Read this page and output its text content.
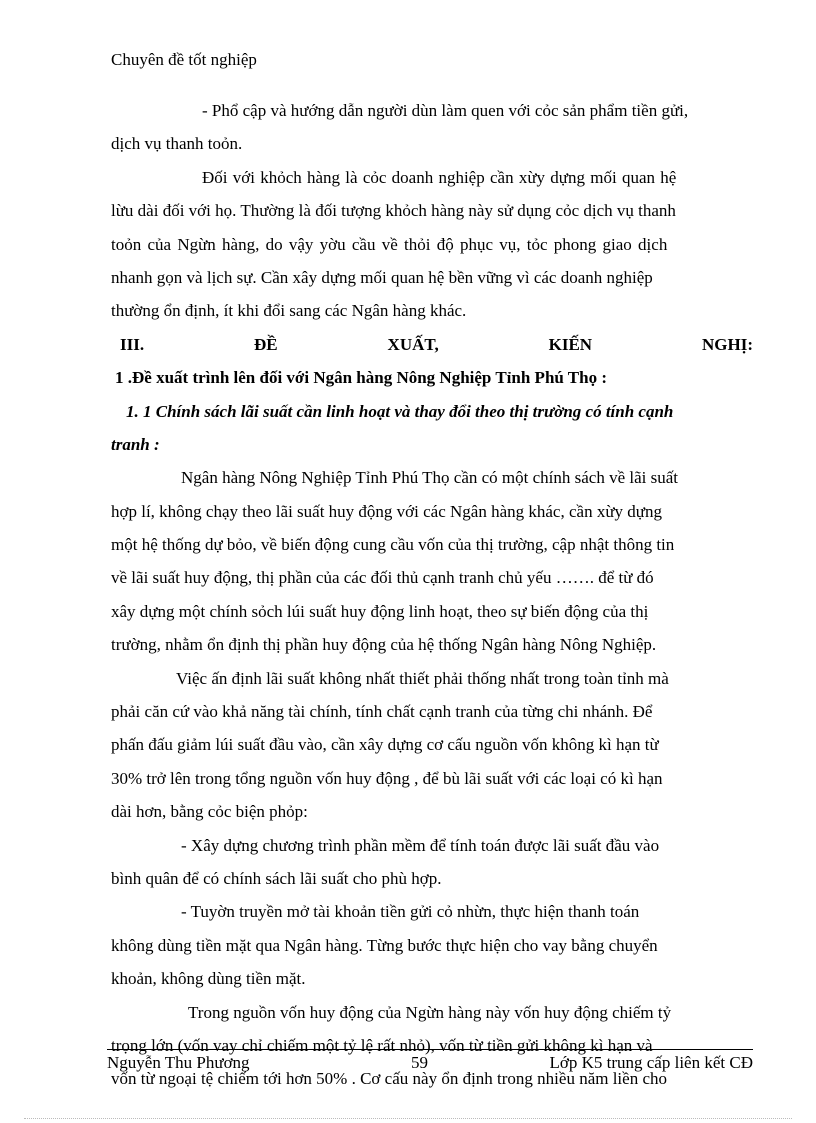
Chuyên đề tốt nghiệp
- Phổ cập và hướng dẫn người dùn làm quen với cỏc sản phẩm tiền gửi,
dịch vụ thanh toỏn.
Đối với khỏch hàng là cỏc doanh nghiệp cần xừy dựng mối quan hệ
lừu dài đối với họ. Thường là đối tượng khỏch hàng này sử dụng cỏc dịch vụ thanh
toỏn của Ngừn hàng, do vậy yờu cầu về thỏi độ phục vụ, tỏc phong giao dịch
nhanh gọn và lịch sự. Cần xây dựng mối quan hệ bền vững vì các doanh nghiệp
thường ổn định, ít khi đổi sang các Ngân hàng khác.
III.	ĐỀ	XUẤT,	KIẾN	NGHỊ:
1 .Đề xuất trình lên đối với Ngân hàng Nông Nghiệp Tỉnh Phú Thọ :
1. 1 Chính sách lãi suất cần linh hoạt và thay đổi theo thị trường có tính cạnh
tranh :
Ngân hàng Nông Nghiệp Tỉnh Phú Thọ cần có một chính sách về lãi suất
hợp lí, không chạy theo lãi suất huy động với các Ngân hàng khác, cần xừy dựng
một hệ thống dự bỏo, về biến động cung cầu vốn của thị trường, cập nhật thông tin
về lãi suất huy động, thị phần của các đối thủ cạnh tranh chủ yếu ……. để từ đó
xây dựng một chính sỏch lúi suất huy động linh hoạt, theo sự biến động của thị
trường, nhằm ổn định thị phần huy động của hệ thống Ngân hàng Nông Nghiệp.
Việc ấn định lãi suất không nhất thiết phải thống nhất trong toàn tỉnh mà
phải căn cứ vào khả năng tài chính, tính chất cạnh tranh của từng chi nhánh. Để
phấn đấu giảm lúi suất đầu vào, cần xây dựng cơ cấu nguồn vốn không kì hạn từ
30% trở lên trong tổng nguồn vốn huy động , để bù lãi suất với các loại có kì hạn
dài hơn, bằng cỏc biện phỏp:
- Xây dựng chương trình phần mềm để tính toán được lãi suất đầu vào
bình quân để có chính sách lãi suất cho phù hợp.
- Tuyờn truyền mở tài khoản tiền gửi cỏ nhừn, thực hiện thanh toán
không dùng tiền mặt qua Ngân hàng. Từng bước thực hiện cho vay bằng chuyển
khoản, không dùng tiền mặt.
Trong nguồn vốn huy động của Ngừn hàng này vốn huy động chiếm tỷ
trọng lớn (vốn vay chỉ chiếm một tỷ lệ rất nhỏ), vốn từ tiền gửi không kì hạn và
vốn từ ngoại tệ chiếm tới hơn 50% . Cơ cấu này ổn định trong nhiều năm liền cho
Nguyễn Thu Phương	59	Lớp K5 trung cấp liên kết CĐ
